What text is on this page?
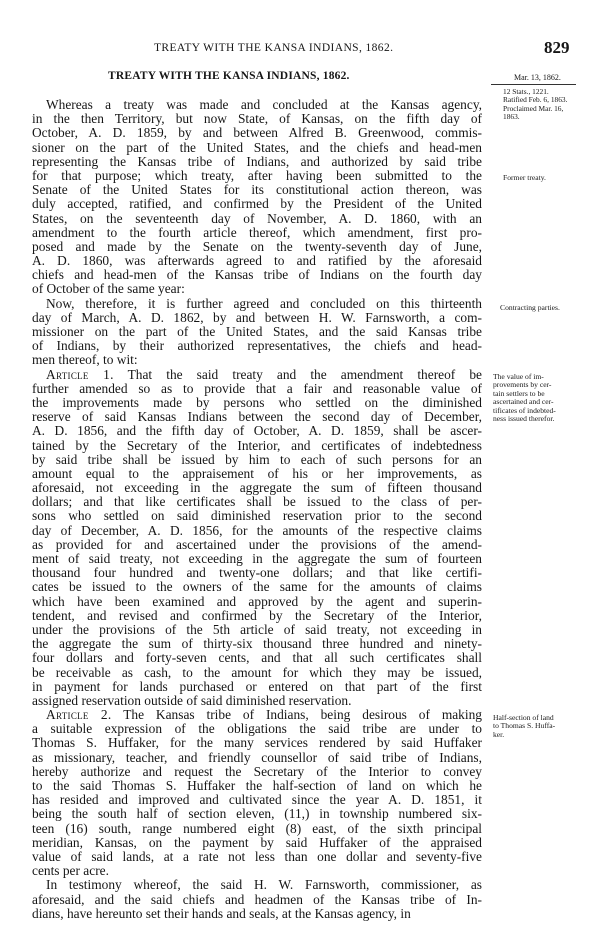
TREATY WITH THE KANSA INDIANS, 1862.	829
TREATY WITH THE KANSA INDIANS, 1862.	Mar. 13, 1862.
12 Stats., 1221.
Ratified Feb. 6, 1863.
Proclaimed Mar. 16,
1863.
Former treaty.
Contracting parties.
The value of im-
provements by cer-
tain settlers to be
ascertained and cer-
tificates of indebted-
ness issued therefor.
Half-section of land
to Thomas S. Huffa-
ker.
Whereas a treaty was made and concluded at the Kansas agency,
in the then Territory, but now State, of Kansas, on the fifth day of
October, A. D. 1859, by and between Alfred B. Greenwood, commis-
sioner on the part of the United States, and the chiefs and head-men
representing the Kansas tribe of Indians, and authorized by said tribe
for that purpose; which treaty, after having been submitted to the
Senate of the United States for its constitutional action thereon, was
duly accepted, ratified, and confirmed by the President of the United
States, on the seventeenth day of November, A. D. 1860, with an
amendment to the fourth article thereof, which amendment, first pro-
posed and made by the Senate on the twenty-seventh day of June,
A. D. 1860, was afterwards agreed to and ratified by the aforesaid
chiefs and head-men of the Kansas tribe of Indians on the fourth day
of October of the same year:
Now, therefore, it is further agreed and concluded on this thirteenth
day of March, A. D. 1862, by and between H. W. Farnsworth, a com-
missioner on the part of the United States, and the said Kansas tribe
of Indians, by their authorized representatives, the chiefs and head-
men thereof, to wit:
Article 1. That the said treaty and the amendment thereof be
further amended so as to provide that a fair and reasonable value of
the improvements made by persons who settled on the diminished
reserve of said Kansas Indians between the second day of December,
A. D. 1856, and the fifth day of October, A. D. 1859, shall be ascer-
tained by the Secretary of the Interior, and certificates of indebtedness
by said tribe shall be issued by him to each of such persons for an
amount equal to the appraisement of his or her improvements, as
aforesaid, not exceeding in the aggregate the sum of fifteen thousand
dollars; and that like certificates shall be issued to the class of per-
sons who settled on said diminished reservation prior to the second
day of December, A. D. 1856, for the amounts of the respective claims
as provided for and ascertained under the provisions of the amend-
ment of said treaty, not exceeding in the aggregate the sum of fourteen
thousand four hundred and twenty-one dollars; and that like certifi-
cates be issued to the owners of the same for the amounts of claims
which have been examined and approved by the agent and superin-
tendent, and revised and confirmed by the Secretary of the Interior,
under the provisions of the 5th article of said treaty, not exceeding in
the aggregate the sum of thirty-six thousand three hundred and ninety-
four dollars and forty-seven cents, and that all such certificates shall
be receivable as cash, to the amount for which they may be issued,
in payment for lands purchased or entered on that part of the first
assigned reservation outside of said diminished reservation.
Article 2. The Kansas tribe of Indians, being desirous of making
a suitable expression of the obligations the said tribe are under to
Thomas S. Huffaker, for the many services rendered by said Huffaker
as missionary, teacher, and friendly counsellor of said tribe of Indians,
hereby authorize and request the Secretary of the Interior to convey
to the said Thomas S. Huffaker the half-section of land on which he
has resided and improved and cultivated since the year A. D. 1851, it
being the south half of section eleven, (11,) in township numbered six-
teen (16) south, range numbered eight (8) east, of the sixth principal
meridian, Kansas, on the payment by said Huffaker of the appraised
value of said lands, at a rate not less than one dollar and seventy-five
cents per acre.
In testimony whereof, the said H. W. Farnsworth, commissioner, as
aforesaid, and the said chiefs and headmen of the Kansas tribe of In-
dians, have hereunto set their hands and seals, at the Kansas agency, in
